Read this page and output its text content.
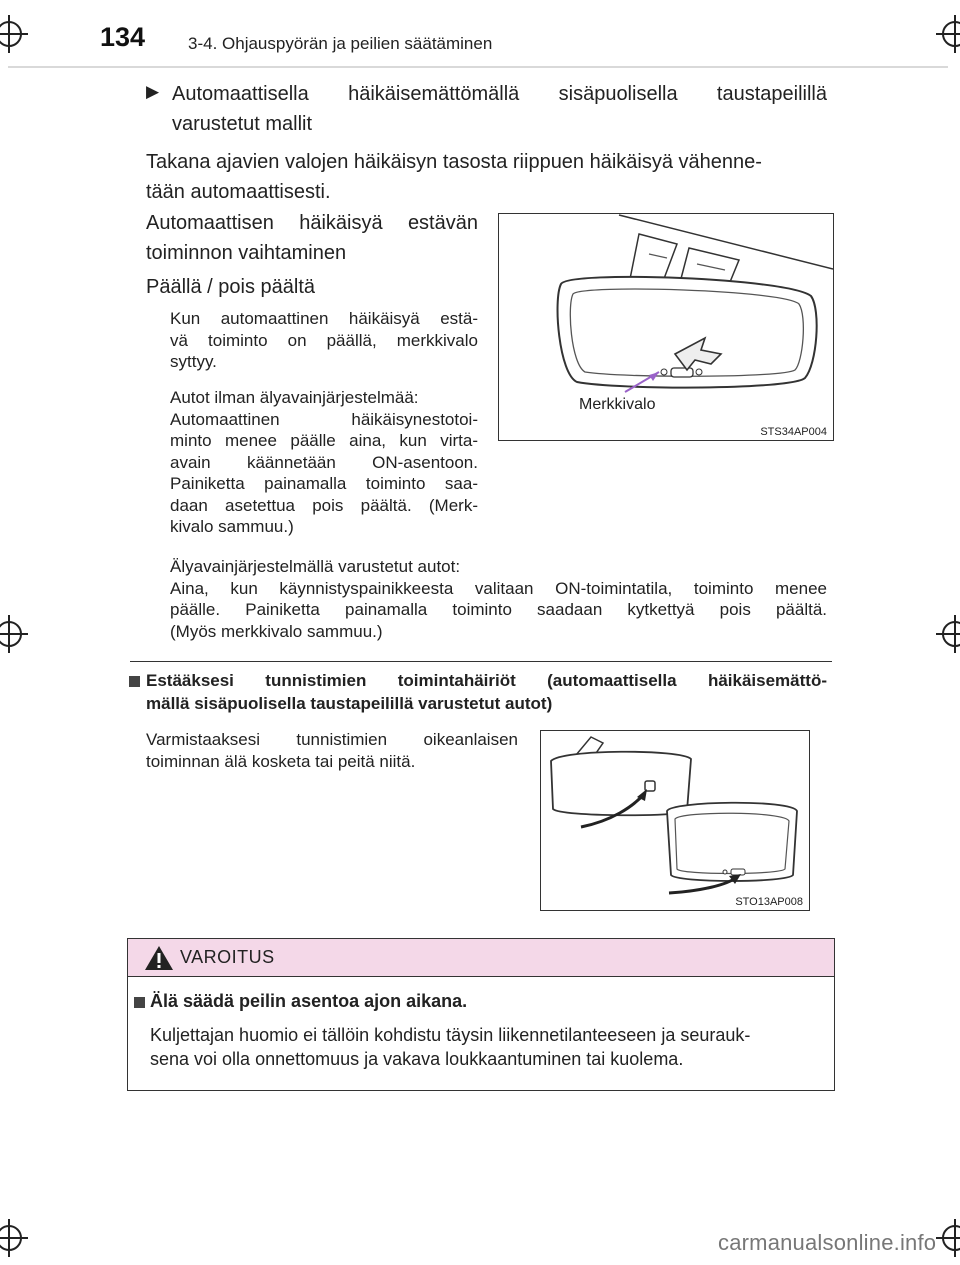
134	3-4. Ohjauspyörän ja peilien säätäminen
▶ Automaattisella häikäisemättömällä sisäpuolisella taustapeilillä
varustetut mallit
Takana ajavien valojen häikäisyn tasosta riippuen häikäisyä vähenne-
tään automaattisesti.
Automaattisen häikäisyä estävän
toiminnon vaihtaminen
Päällä / pois päältä
Kun automaattinen häikäisyä estä-
vä toiminto on päällä, merkkivalo
syttyy.
Autot ilman älyavainjärjestelmää:
Automaattinen häikäisynestotoi-
minto menee päälle aina, kun virta-
avain käännetään ON-asentoon.
Painiketta painamalla toiminto saa-
daan asetettua pois päältä. (Merk-
kivalo sammuu.)
Älyavainjärjestelmällä varustetut autot:
Aina, kun käynnistyspainikkeesta valitaan ON-toimintatila, toiminto menee
päälle. Painiketta painamalla toiminto saadaan kytkettyä pois päältä.
(Myös merkkivalo sammuu.)
Merkkivalo
STS34AP004
Estääksesi tunnistimien toimintahäiriöt (automaattisella häikäisemättö-
mällä sisäpuolisella taustapeilillä varustetut autot)
Varmistaaksesi tunnistimien oikeanlaisen
toiminnan älä kosketa tai peitä niitä.
STO13AP008
VAROITUS
Älä säädä peilin asentoa ajon aikana.
Kuljettajan huomio ei tällöin kohdistu täysin liikennetilanteeseen ja seurauk-
sena voi olla onnettomuus ja vakava loukkaantuminen tai kuolema.
carmanualsonline.info
